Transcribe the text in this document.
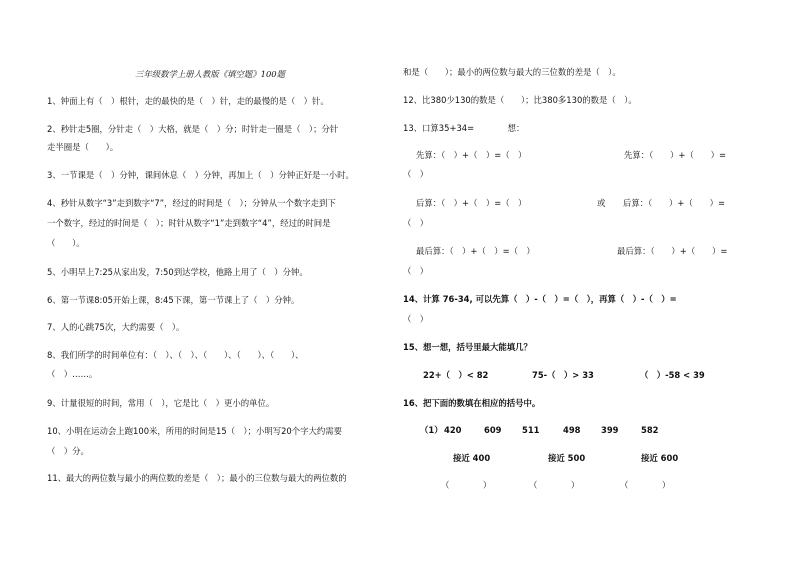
三年级数学上册人教版《填空题》100题
1、钟面上有（　）根针，走的最快的是（　）针，走的最慢的是（　）针。
2、秒针走5圈，分针走（　）大格，就是（　）分；时针走一圈是（　）；分针
走半圈是（　　）。
3、一节课是（　）分钟，课间休息（　）分钟，再加上（　）分钟正好是一小时。
4、秒针从数字“3”走到数字“7”，经过的时间是（　）；分钟从一个数字走到下
一个数字，经过的时间是（　）；时针从数字“1”走到数字“4”，经过的时间是
（　　）。
5、小明早上7:25从家出发，7:50到达学校，他路上用了（　）分钟。
6、第一节课8:05开始上课，8:45下课，第一节课上了（　）分钟。
7、人的心跳75次，大约需要（　）。
8、我们所学的时间单位有：（　）、（　）、（　　）、（　　）、（　　）、
（　）……。
9、计量很短的时间，常用（　），它是比（　）更小的单位。
10、小明在运动会上跑100米，所用的时间是15（　）；小明写20个字大约需要
（　）分。
11、最大的两位数与最小的两位数的差是（　）；最小的三位数与最大的两位数的
和是（　　）；最小的两位数与最大的三位数的差是（　）。
12、比380少130的数是（　　）；比380多130的数是（　）。
13、口算35+34=　　　　想：
先算：（　）+（　）=（　）	先算：（　　）+（　　）=
（　）
后算：（　）+（　）=（　）	或 后算：（　　）+（　　）=
（　）
最后算：（　）+（　）=（　）	最后算：（　　）+（　　）=
（　）
14、计算 76-34, 可以先算（　）-（　）=（　），再算（　）-（　）=
（　）
15、想一想，括号里最大能填几？
22+（　）< 82	75-（　）> 33	（　）-58 < 39
16、把下面的数填在相应的括号中。
（1） 420	609 511	498 399	582
接近 400	接近 500	接近 600
（　　　　）	（　　　　）	（　　　　）
